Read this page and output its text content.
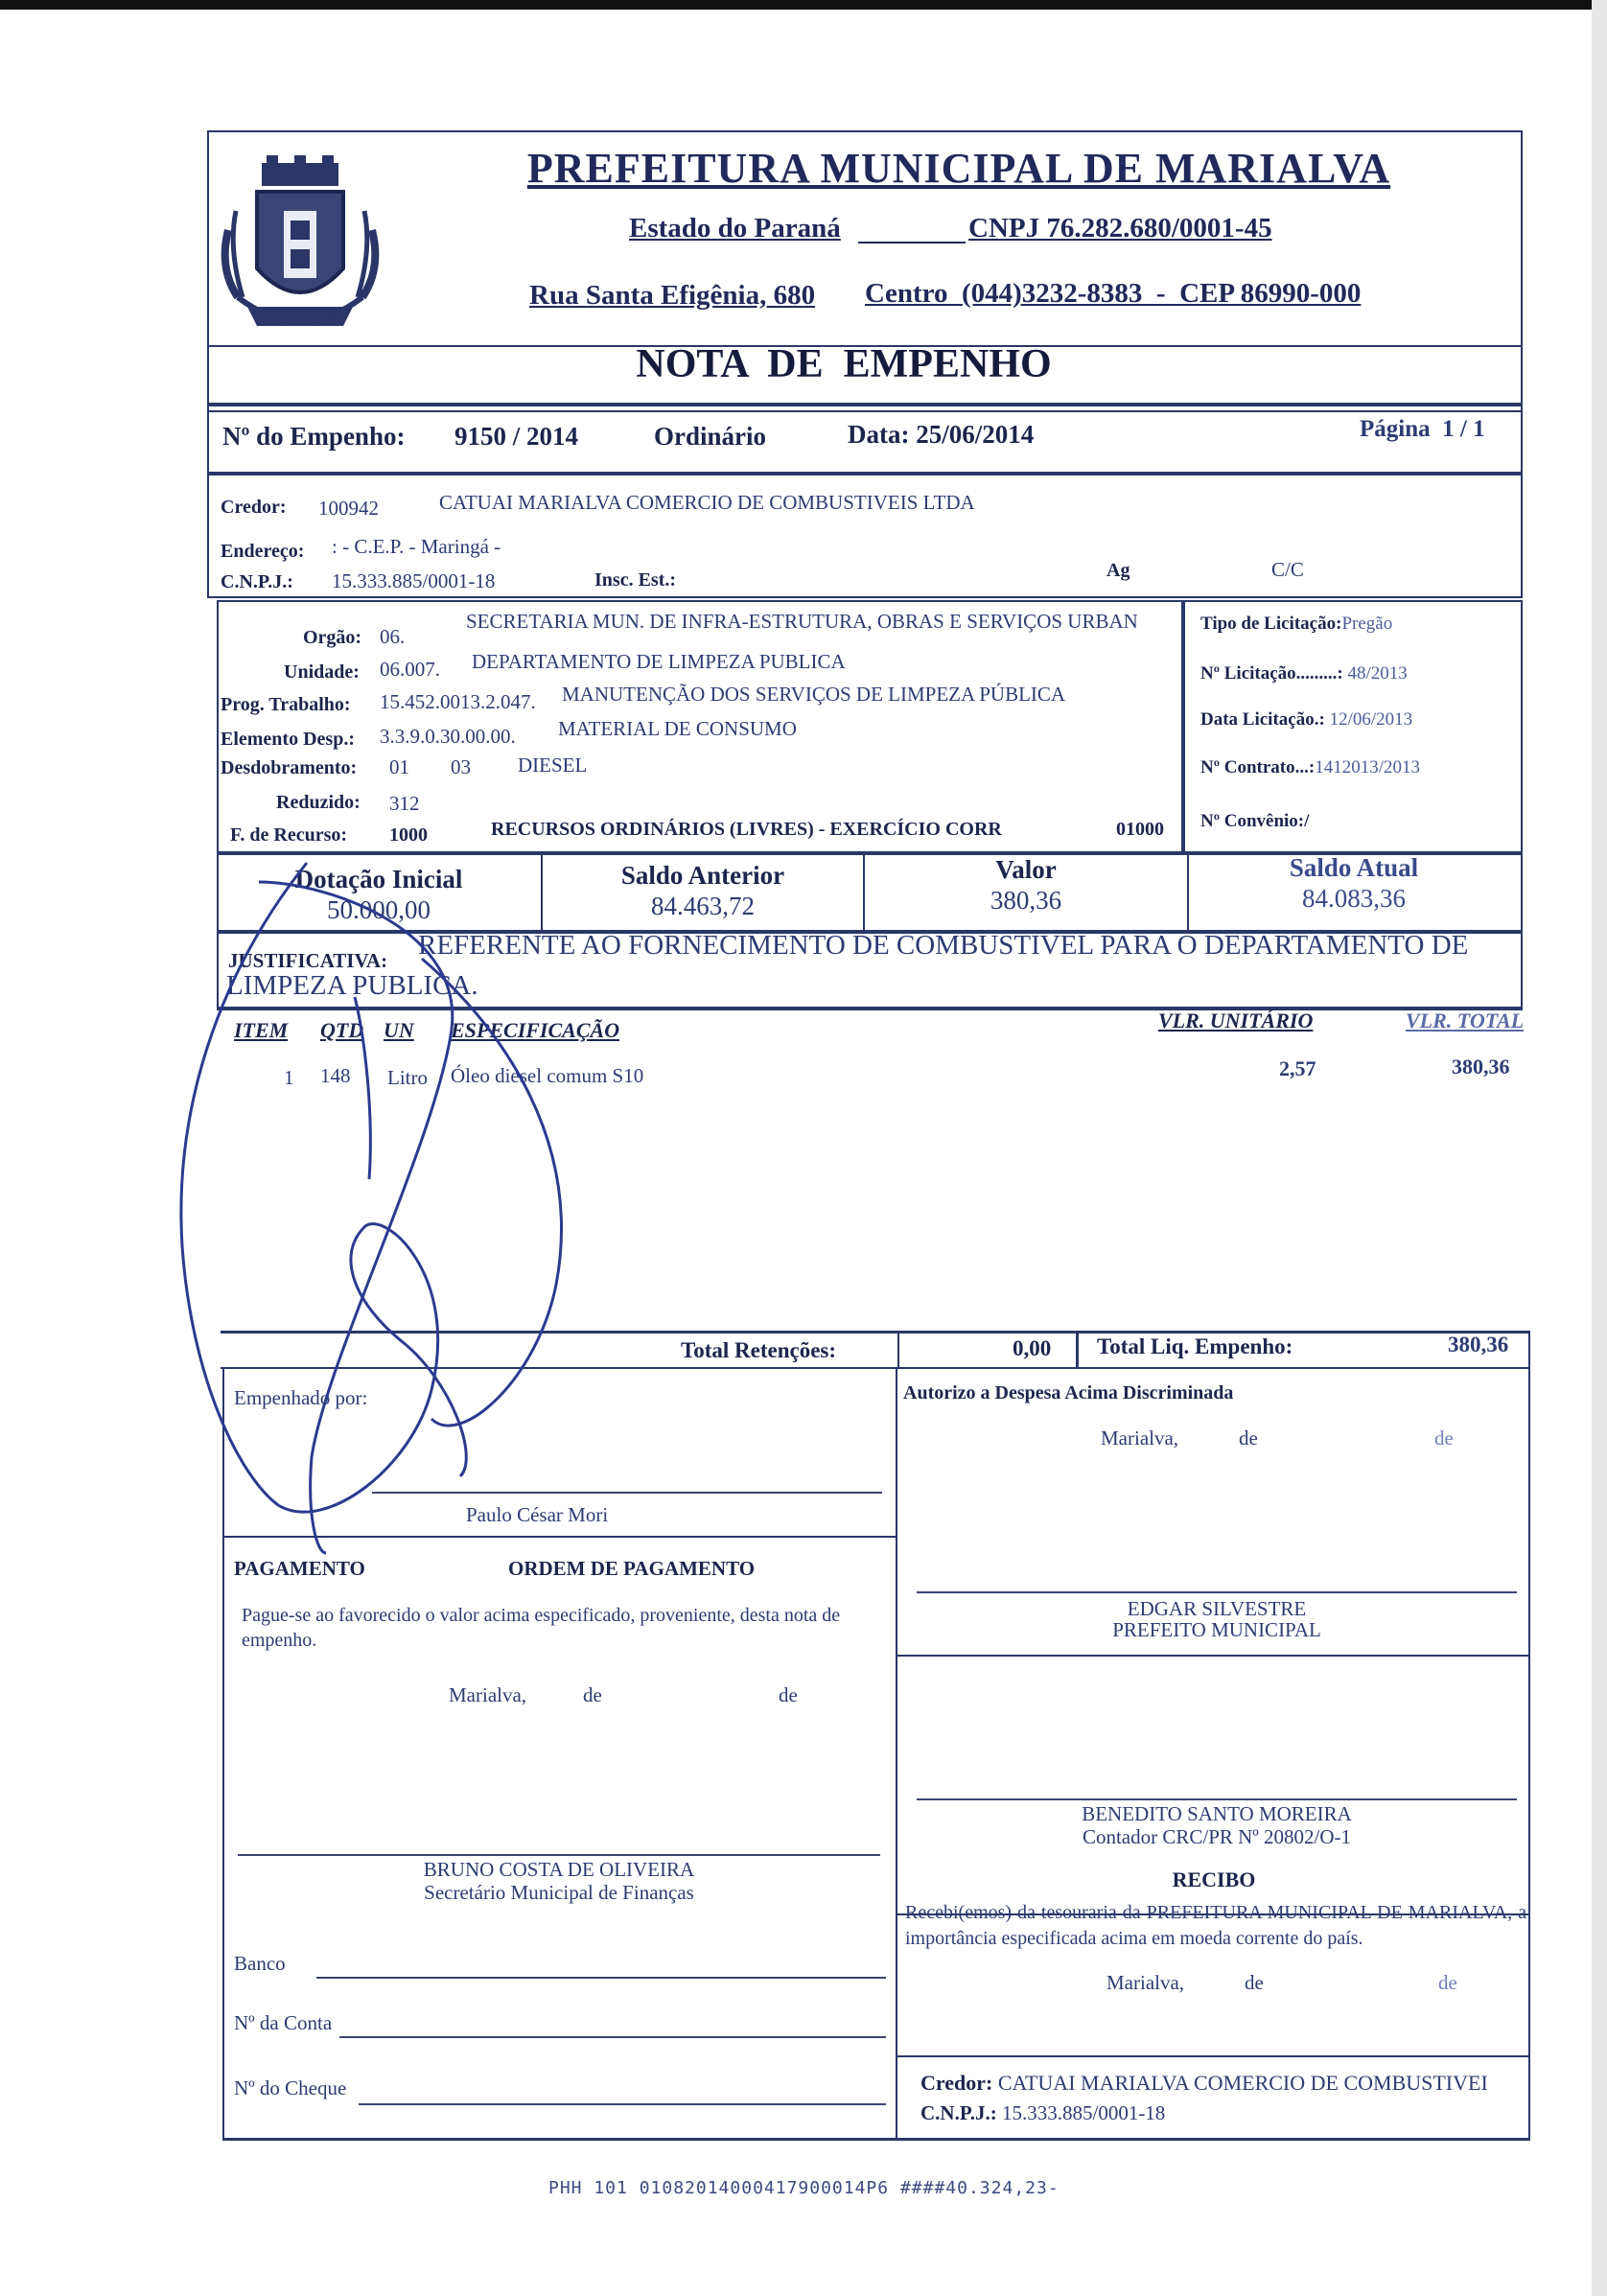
PREFEITURA MUNICIPAL DE MARIALVA
Estado do Paraná	CNPJ 76.282.680/0001-45
Rua Santa Efigênia, 680 Centro  (044)3232-8383  -  CEP 86990-000
NOTA  DE  EMPENHO
Nº do Empenho: 9150 / 2014	Ordinário	Data: 25/06/2014	Página  1 / 1
Credor: 100942	CATUAI MARIALVA COMERCIO DE COMBUSTIVEIS LTDA
Endereço: : - C.E.P. - Maringá -
C.N.P.J.: 15.333.885/0001-18	Insc. Est.:	Ag	C/C
Orgão: 06.
SECRETARIA MUN. DE INFRA-ESTRUTURA, OBRAS E SERVIÇOS URBAN
Unidade: 06.007. DEPARTAMENTO DE LIMPEZA PUBLICA
Prog. Trabalho: 15.452.0013.2.047. MANUTENÇÃO DOS SERVIÇOS DE LIMPEZA PÚBLICA
Elemento Desp.: 3.3.9.0.30.00.00. MATERIAL DE CONSUMO
Desdobramento: 01 03 DIESEL
Reduzido: 312
F. de Recurso: 1000	RECURSOS ORDINÁRIOS (LIVRES) - EXERCÍCIO CORR	01000
Tipo de Licitação:Pregão
Nº Licitação.........: 48/2013
Data Licitação.: 12/06/2013
Nº Contrato...:1412013/2013
Nº Convênio:/
Dotação Inicial
50.000,00
Saldo Anterior
84.463,72
Valor
380,36
Saldo Atual
84.083,36
JUSTIFICATIVA: REFERENTE AO FORNECIMENTO DE COMBUSTIVEL PARA O DEPARTAMENTO DE
LIMPEZA PUBLICA.
ITEM QTD UN ESPECIFICAÇÃO	VLR. UNITÁRIO	VLR. TOTAL
1 148 Litro Óleo diesel comum S10	2,57	380,36
Total Retenções:	0,00 Total Liq. Empenho:	380,36
Empenhado por:
Paulo César Mori
Autorizo a Despesa Acima Discriminada
Marialva,	de	de
PAGAMENTO	ORDEM DE PAGAMENTO
Pague-se ao favorecido o valor acima especificado, proveniente, desta nota de empenho.
Marialva,	de	de
EDGAR SILVESTRE
PREFEITO MUNICIPAL
BENEDITO SANTO MOREIRA
Contador CRC/PR Nº 20802/O-1
BRUNO COSTA DE OLIVEIRA
Secretário Municipal de Finanças
RECIBO
Recebi(emos) da tesouraria da PREFEITURA MUNICIPAL DE MARIALVA, a importância especificada acima em moeda corrente do país.
Marialva,	de	de
Banco
Nº da Conta
Nº do Cheque	Credor: CATUAI MARIALVA COMERCIO DE COMBUSTIVEI
C.N.P.J.: 15.333.885/0001-18
PHH 101 01082014000417900014P6 ####40.324,23-
